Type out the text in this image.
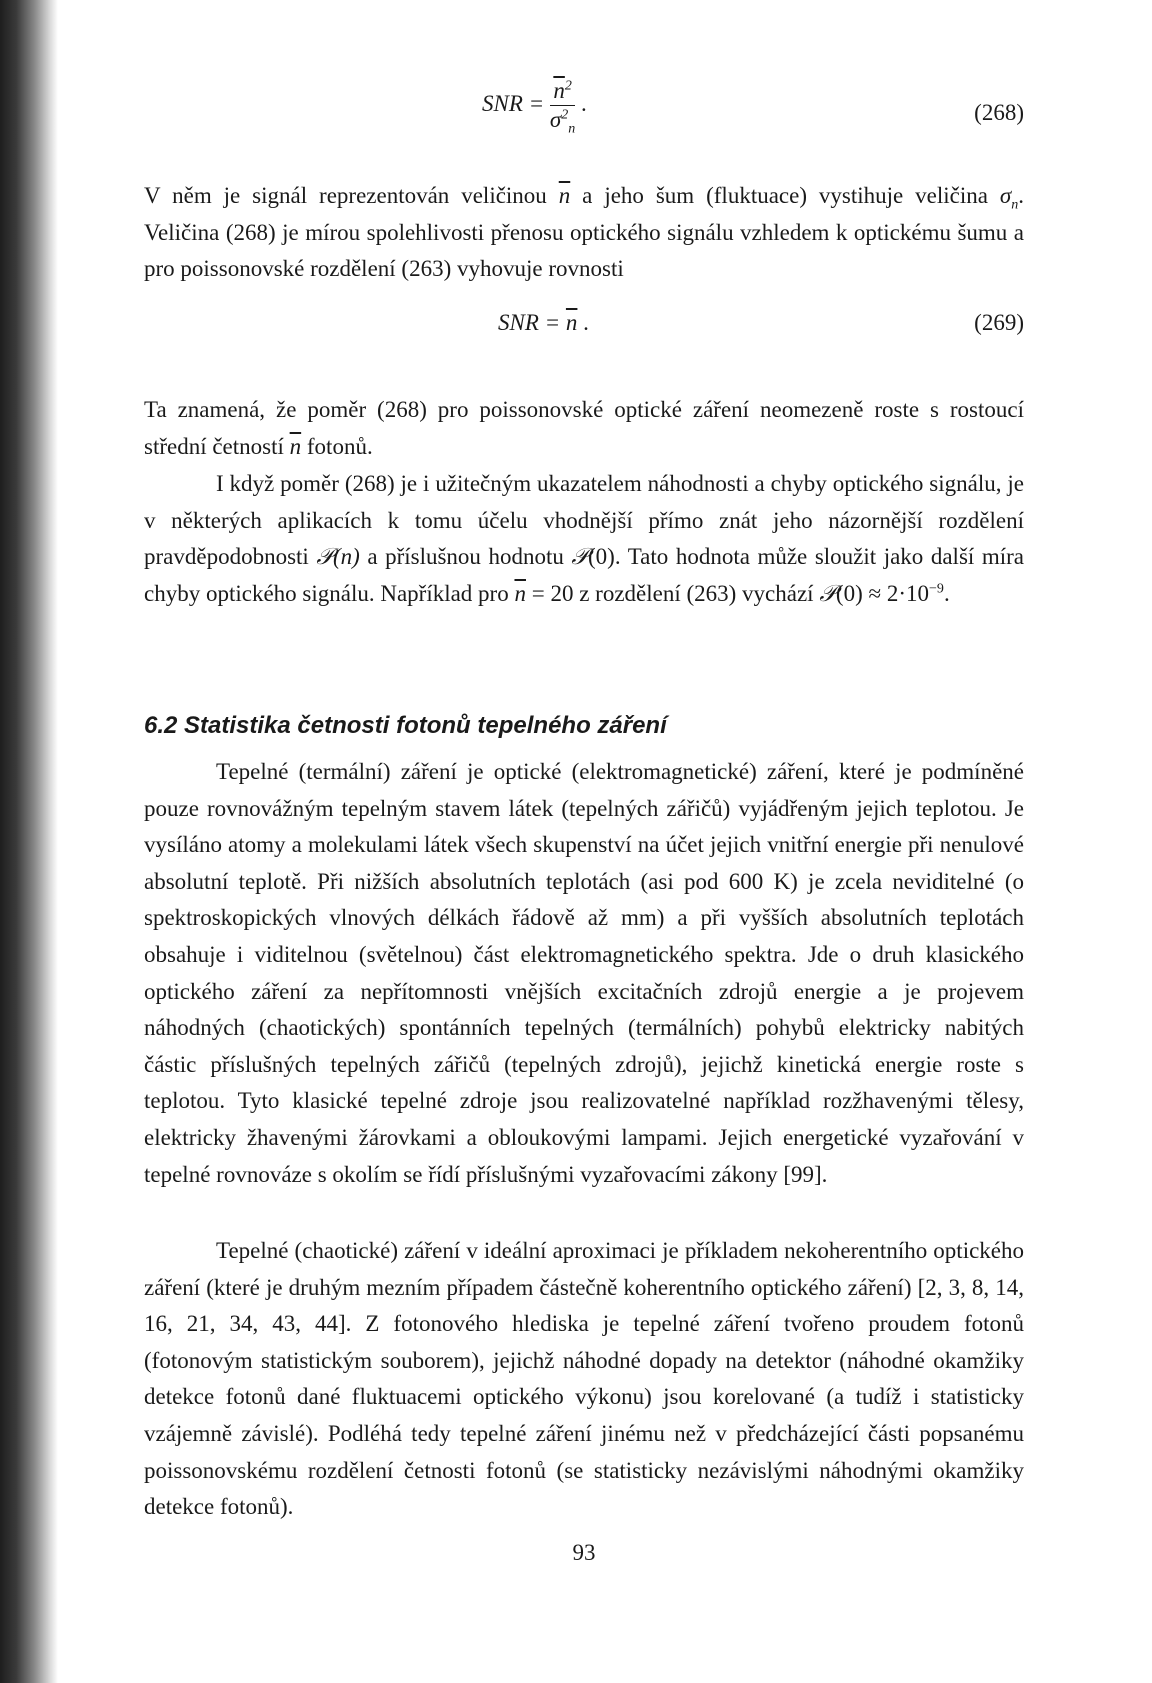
SNR = $\frac{\overline{n}^2}{\sigma^2_n}$ .	(268)

V něm je signál reprezentován veličinou $\overline{n}$ a jeho šum (fluktuace) vystihuje veličina $\sigma_n$. Veličina (268) je mírou spolehlivosti přenosu optického signálu vzhledem k optickému šumu a pro poissonovské rozdělení (263) vyhovuje rovnosti

SNR = $\overline{n}$ .	(269)

Ta znamená, že poměr (268) pro poissonovské optické záření neomezeně roste s rostoucí střední četností $\overline{n}$ fotonů.

I když poměr (268) je i užitečným ukazatelem náhodnosti a chyby optického signálu, je v některých aplikacích k tomu účelu vhodnější přímo znát jeho názornější rozdělení pravděpodobnosti 𝒫(n) a příslušnou hodnotu 𝒫(0). Tato hodnota může sloužit jako další míra chyby optického signálu. Například pro $\overline{n} = 20$ z rozdělení (263) vychází 𝒫(0) ≈ $2\cdot 10^{-9}$.

6.2 Statistika četnosti fotonů tepelného záření

Tepelné (termální) záření je optické (elektromagnetické) záření, které je podmíněné pouze rovnovážným tepelným stavem látek (tepelných zářičů) vyjádřeným jejich teplotou. Je vysíláno atomy a molekulami látek všech skupenství na účet jejich vnitřní energie při nenulové absolutní teplotě. Při nižších absolutních teplotách (asi pod 600 K) je zcela neviditelné (o spektroskopických vlnových délkách řádově až mm) a při vyšších absolutních teplotách obsahuje i viditelnou (světelnou) část elektromagnetického spektra. Jde o druh klasického optického záření za nepřítomnosti vnějších excitačních zdrojů energie a je projevem náhodných (chaotických) spontánních tepelných (termálních) pohybů elektricky nabitých částic příslušných tepelných zářičů (tepelných zdrojů), jejichž kinetická energie roste s teplotou. Tyto klasické tepelné zdroje jsou realizovatelné například rozžhavenými tělesy, elektricky žhavenými žárovkami a obloukovými lampami. Jejich energetické vyzařování v tepelné rovnováze s okolím se řídí příslušnými vyzařovacími zákony [99].

Tepelné (chaotické) záření v ideální aproximaci je příkladem nekoherentního optického záření (které je druhým mezním případem částečně koherentního optického záření) [2, 3, 8, 14, 16, 21, 34, 43, 44]. Z fotonového hlediska je tepelné záření tvořeno proudem fotonů (fotonovým statistickým souborem), jejichž náhodné dopady na detektor (náhodné okamžiky detekce fotonů dané fluktuacemi optického výkonu) jsou korelované (a tudíž i statisticky vzájemně závislé). Podléhá tedy tepelné záření jinému než v předcházející části popsanému poissonovskému rozdělení četnosti fotonů (se statisticky nezávislými náhodnými okamžiky detekce fotonů).

93
